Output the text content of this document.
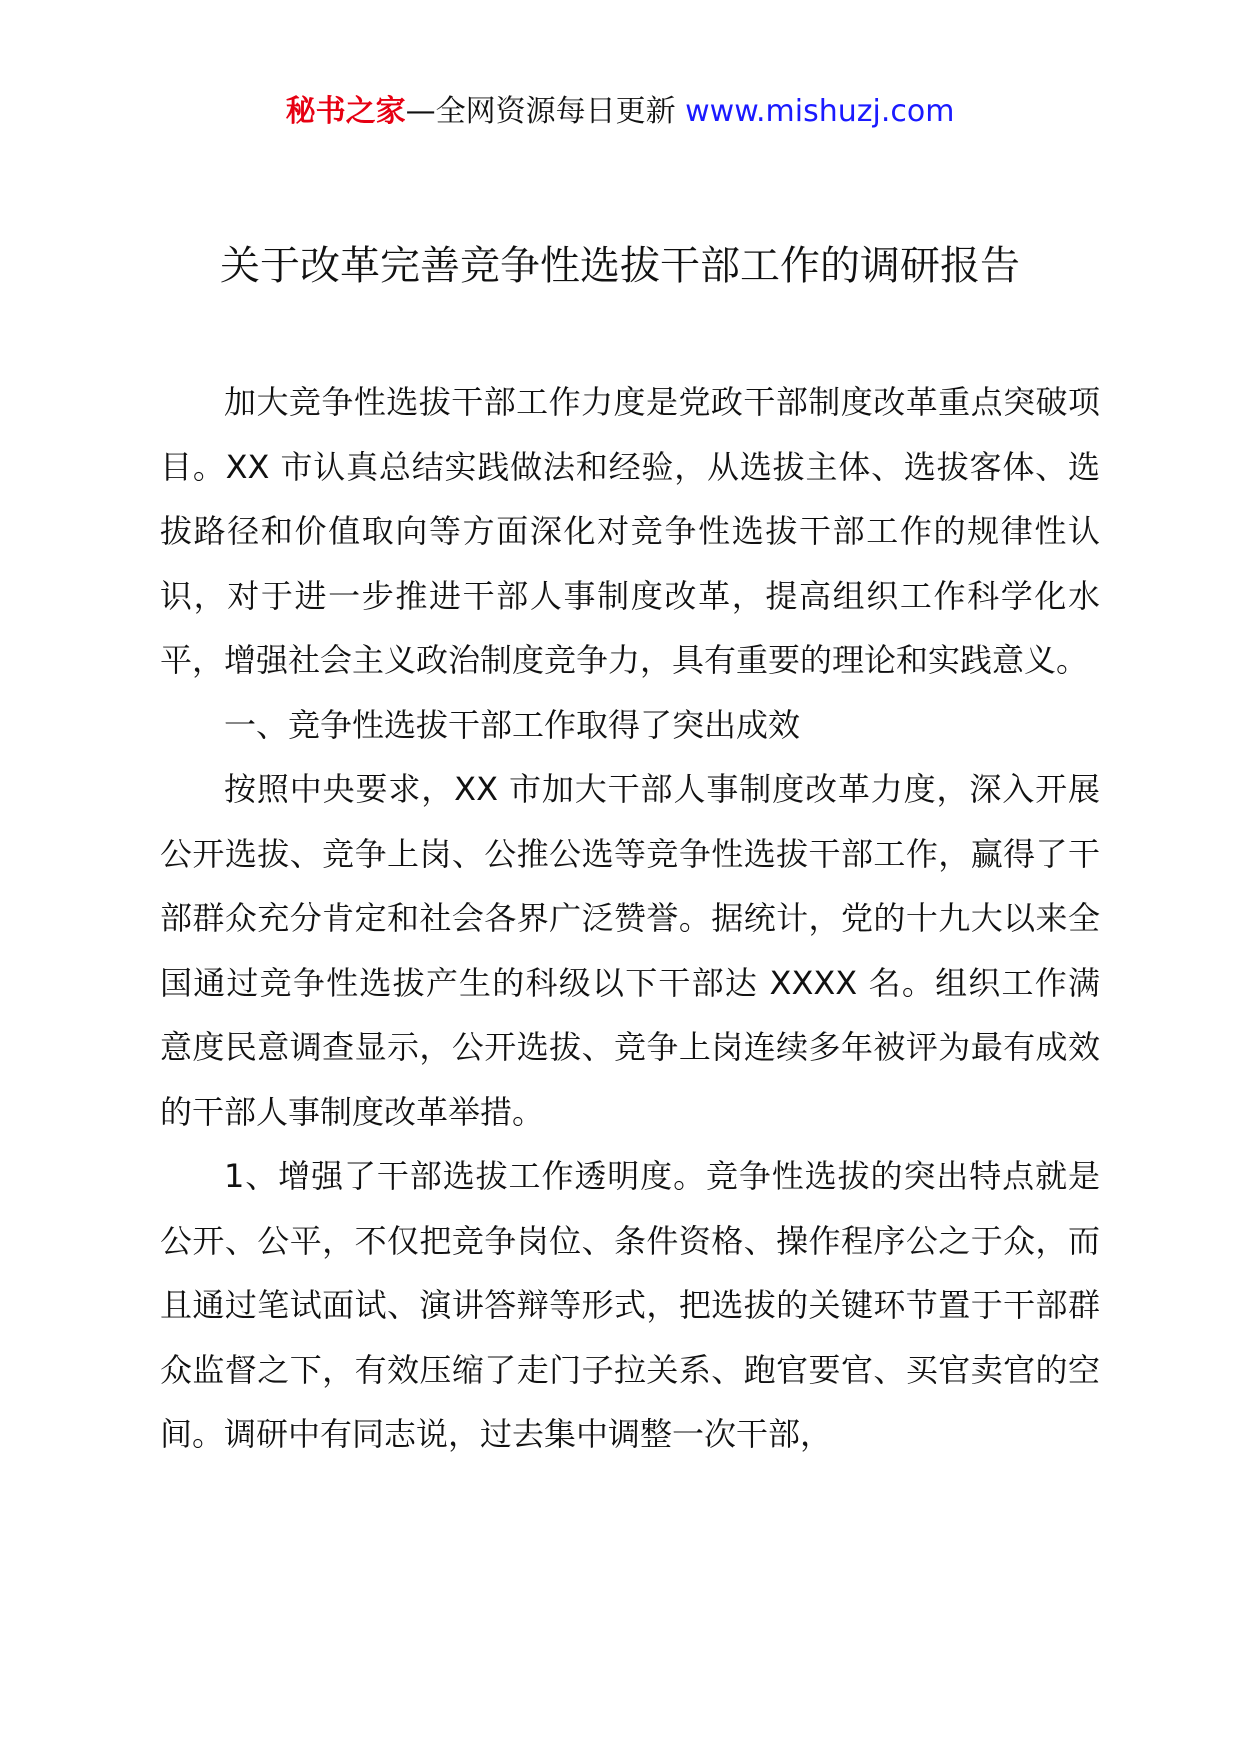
秘书之家—全网资源每日更新 www.mishuzj.com
关于改革完善竞争性选拔干部工作的调研报告

加大竞争性选拔干部工作力度是党政干部制度改革重点突破项目。XX 市认真总结实践做法和经验，从选拔主体、选拔客体、选拔路径和价值取向等方面深化对竞争性选拔干部工作的规律性认识，对于进一步推进干部人事制度改革，提高组织工作科学化水平，增强社会主义政治制度竞争力，具有重要的理论和实践意义。

一、竞争性选拔干部工作取得了突出成效

按照中央要求，XX 市加大干部人事制度改革力度，深入开展公开选拔、竞争上岗、公推公选等竞争性选拔干部工作，赢得了干部群众充分肯定和社会各界广泛赞誉。据统计，党的十九大以来全国通过竞争性选拔产生的科级以下干部达 XXXX 名。组织工作满意度民意调查显示，公开选拔、竞争上岗连续多年被评为最有成效的干部人事制度改革举措。

1、增强了干部选拔工作透明度。竞争性选拔的突出特点就是公开、公平，不仅把竞争岗位、条件资格、操作程序公之于众，而且通过笔试面试、演讲答辩等形式，把选拔的关键环节置于干部群众监督之下，有效压缩了走门子拉关系、跑官要官、买官卖官的空间。调研中有同志说，过去集中调整一次干部，
